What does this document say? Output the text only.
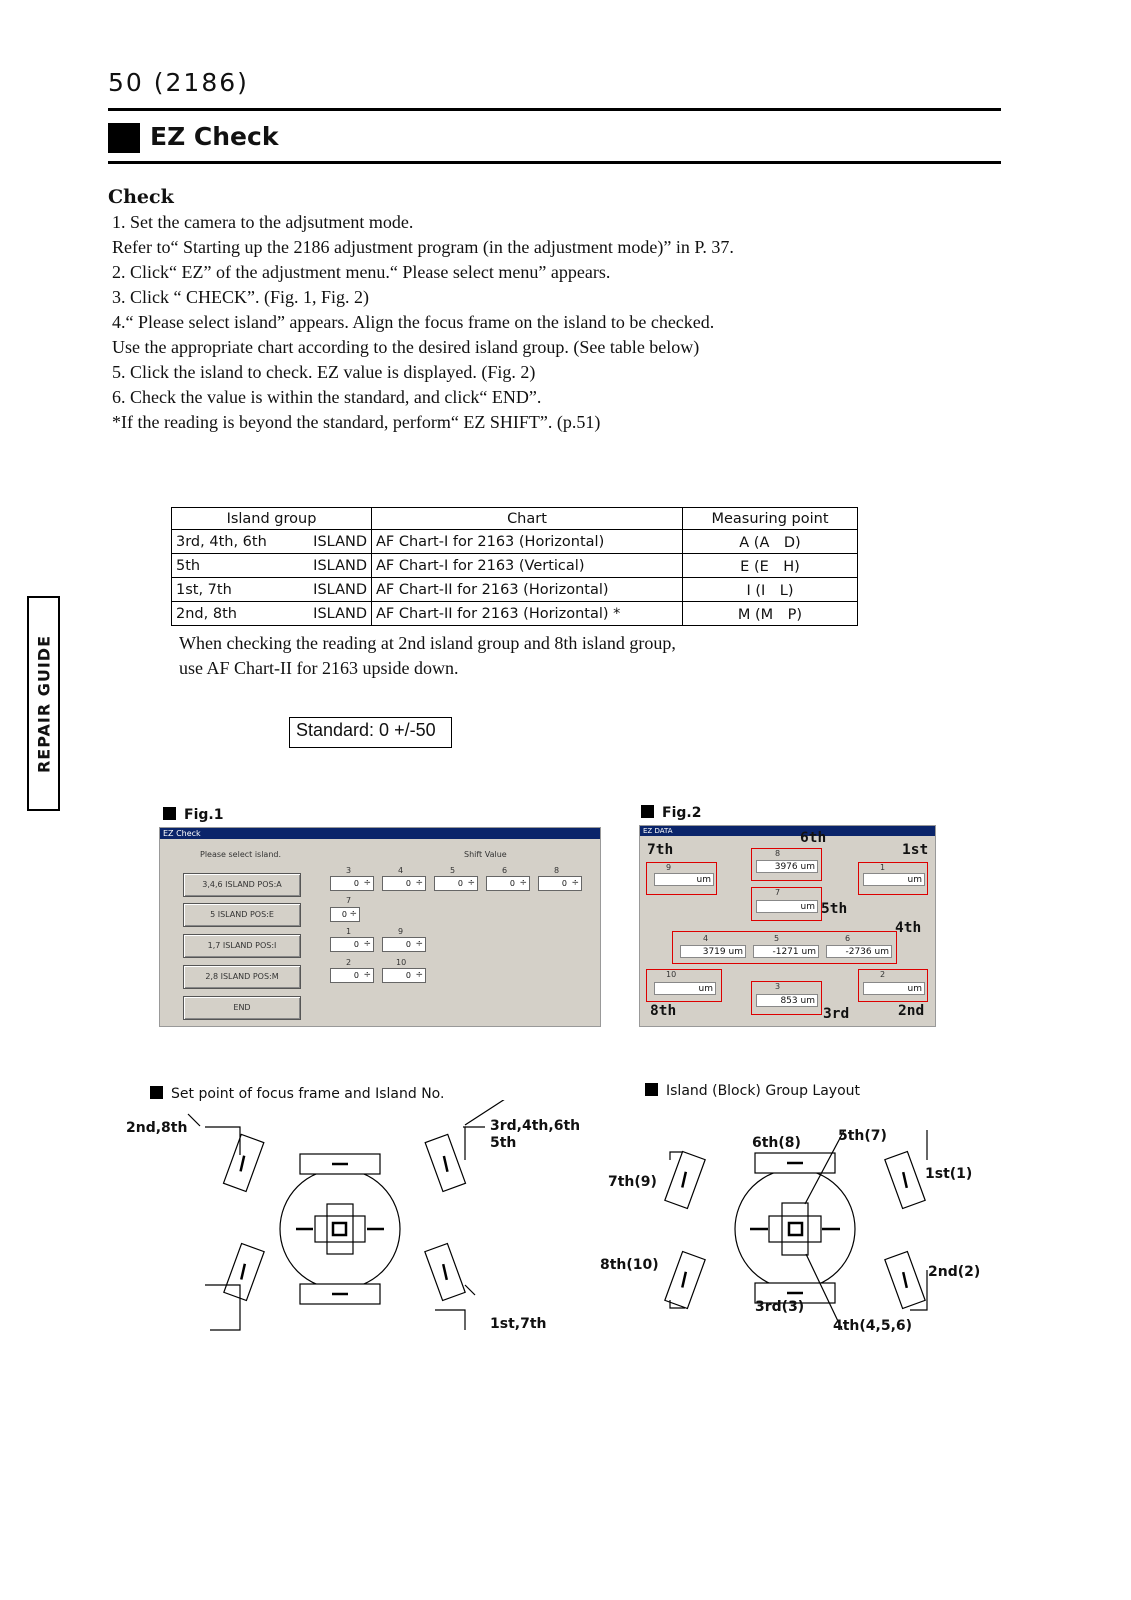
50 (2186)
EZ Check
Check
1. Set the camera to the adjsutment mode.
Refer to“ Starting up the 2186 adjustment program (in the adjustment mode)” in P. 37.
2. Click“ EZ” of the adjustment menu.“ Please select menu” appears.
3. Click “ CHECK”. (Fig. 1, Fig. 2)
4.“ Please select island” appears. Align the focus frame on the island to be checked.
Use the appropriate chart according to the desired island group. (See table below)
5. Click the island to check. EZ value is displayed. (Fig. 2)
6. Check the value is within the standard, and click“ END”.
*If the reading is beyond the standard, perform“ EZ SHIFT”. (p.51)
Island group	Chart	Measuring point
3rd, 4th, 6th ISLAND	AF Chart-I for 2163 (Horizontal)	A (A　D)
5th ISLAND	AF Chart-I for 2163 (Vertical)	E (E　H)
1st, 7th ISLAND	AF Chart-II for 2163 (Horizontal)	I (I　L)
2nd, 8th ISLAND	AF Chart-II for 2163 (Horizontal) *	M (M　P)
When checking the reading at 2nd island group and 8th island group,
use AF Chart-II for 2163 upside down.
Standard: 0 +/-50
REPAIR GUIDE
Fig.1
EZ Check
Please select island.	Shift Value
3,4,6 ISLAND POS:A
5 ISLAND POS:E
1,7 ISLAND POS:I
2,8 ISLAND POS:M
END
3	4	5	6	8
0 ÷	0 ÷	0 ÷	0 ÷	0 ÷
7
0 ÷
1	9
0 ÷	0 ÷
2	10
0 ÷	0 ÷
Fig.2
EZ DATA
7th
6th
1st
9
um
8
3976 um	1
um
7
um 5th
4th
4	5	6
3719 um	-1271 um	-2736 um
10
um	3
853 um
2
um
8th	3rd	2nd
Set point of focus frame and Island No.	Island (Block) Group Layout
2nd,8th	3rd,4th,6th
5th
1st,7th
7th(9)
8th(10)
6th(8)	5th(7)
1st(1)
2nd(2)
3rd(3)
4th(4,5,6)
